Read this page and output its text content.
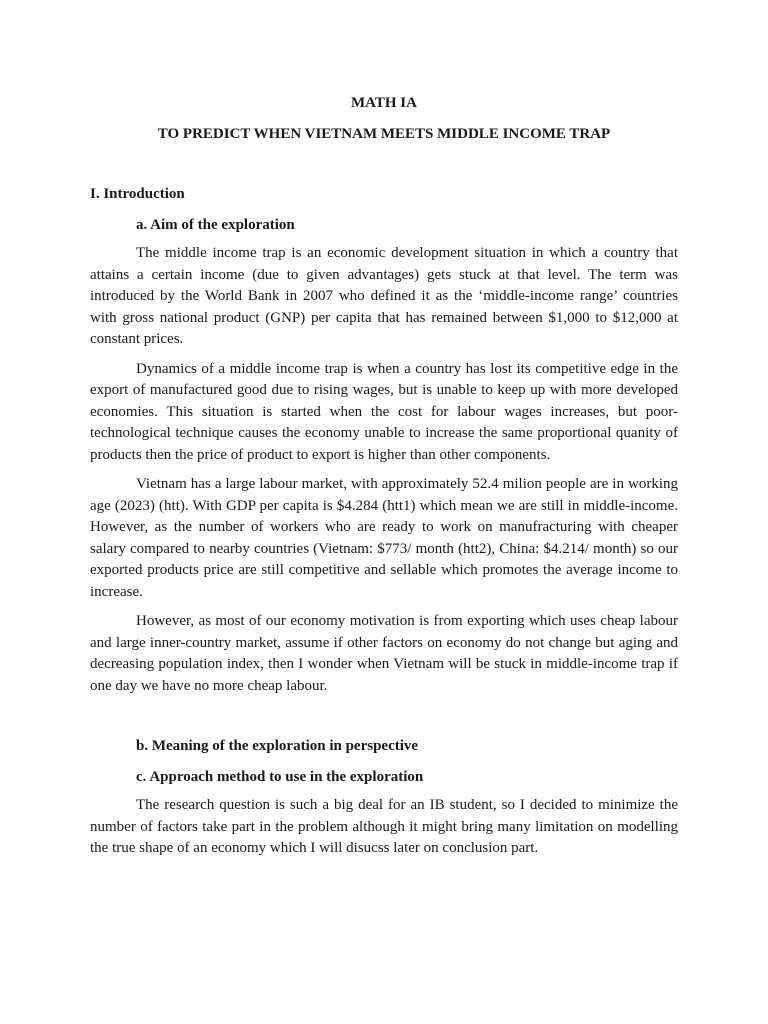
MATH IA
TO PREDICT WHEN VIETNAM MEETS MIDDLE INCOME TRAP
I. Introduction
a. Aim of the exploration

The middle income trap is an economic development situation in which a country that attains a certain income (due to given advantages) gets stuck at that level. The term was introduced by the World Bank in 2007 who defined it as the ‘middle-income range’ countries with gross national product (GNP) per capita that has remained between $1,000 to $12,000 at constant prices.

Dynamics of a middle income trap is when a country has lost its competitive edge in the export of manufactured good due to rising wages, but is unable to keep up with more developed economies. This situation is started when the cost for labour wages increases, but poor-technological technique causes the economy unable to increase the same proportional quanity of products then the price of product to export is higher than other components.

Vietnam has a large labour market, with approximately 52.4 milion people are in working age (2023) (htt). With GDP per capita is $4.284 (htt1) which mean we are still in middle-income. However, as the number of workers who are ready to work on manufracturing with cheaper salary compared to nearby countries (Vietnam: $773/ month (htt2), China: $4.214/ month) so our exported products price are still competitive and sellable which promotes the average income to increase.

However, as most of our economy motivation is from exporting which uses cheap labour and large inner-country market, assume if other factors on economy do not change but aging and decreasing population index, then I wonder when Vietnam will be stuck in middle-income trap if one day we have no more cheap labour.

b. Meaning of the exploration in perspective
c. Approach method to use in the exploration

The research question is such a big deal for an IB student, so I decided to minimize the number of factors take part in the problem although it might bring many limitation on modelling the true shape of an economy which I will disucss later on conclusion part.
